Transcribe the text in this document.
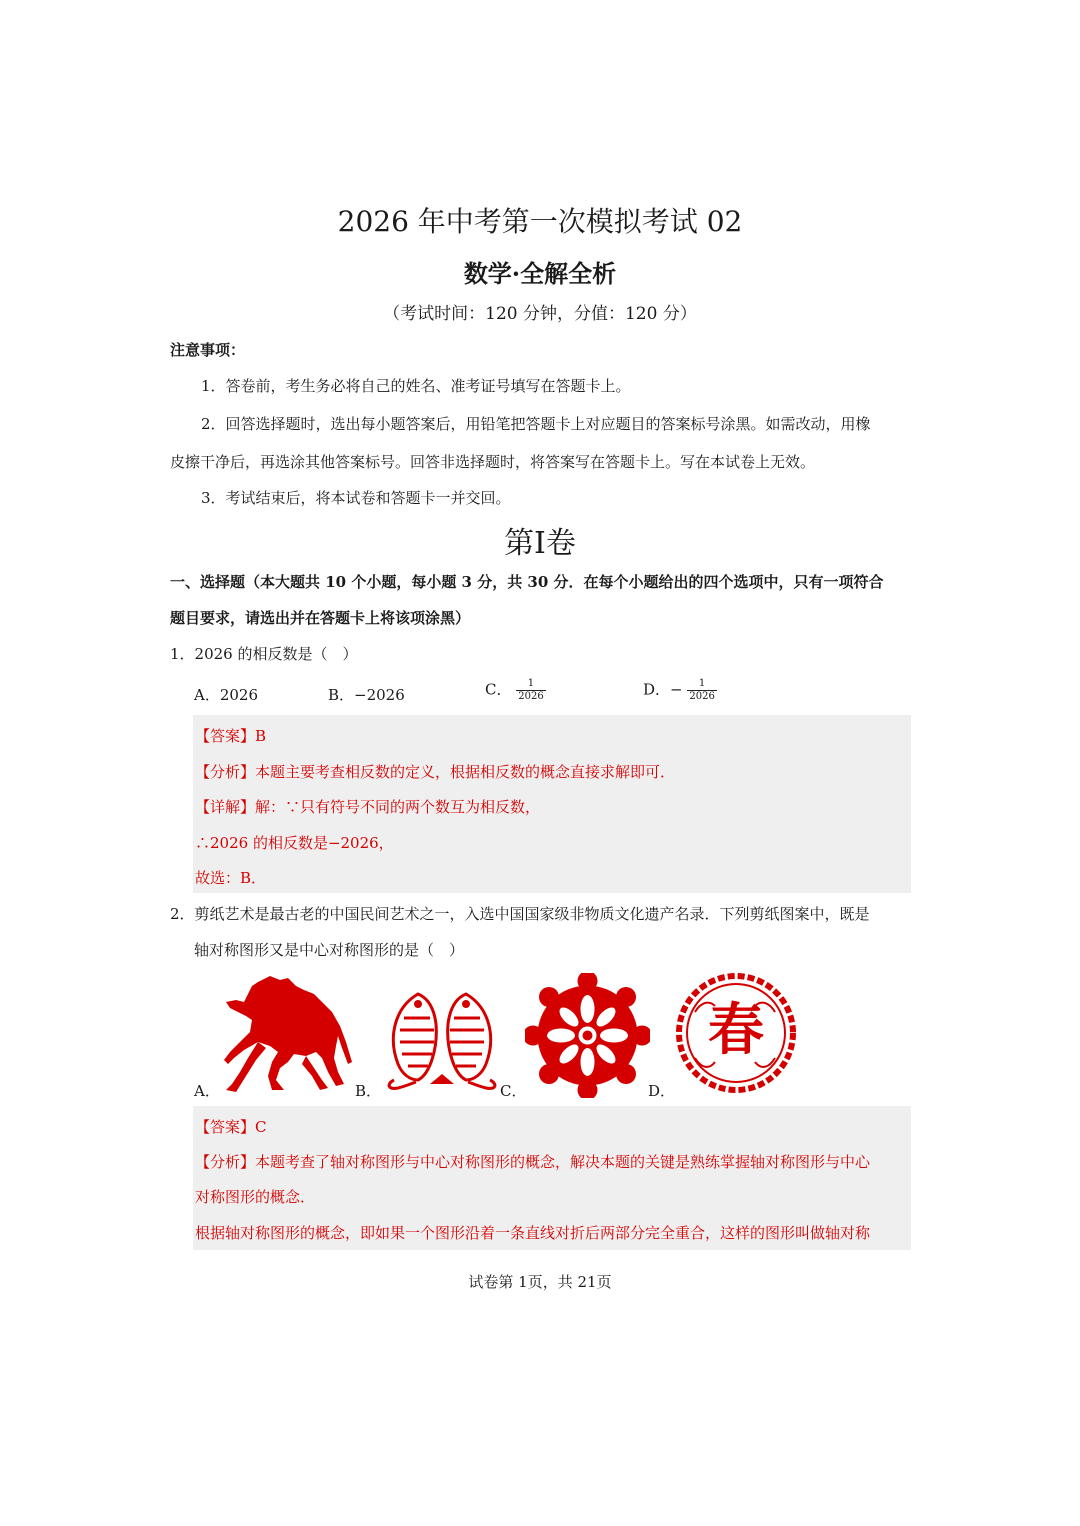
2026 年中考第一次模拟考试 02
数学·全解全析
（考试时间：120 分钟，分值：120 分）
注意事项：
1．答卷前，考生务必将自己的姓名、准考证号填写在答题卡上。
2．回答选择题时，选出每小题答案后，用铅笔把答题卡上对应题目的答案标号涂黑。如需改动，用橡
皮擦干净后，再选涂其他答案标号。回答非选择题时，将答案写在答题卡上。写在本试卷上无效。
3．考试结束后，将本试卷和答题卡一并交回。
第I卷
一、选择题（本大题共 10 个小题，每小题 3 分，共 30 分．在每个小题给出的四个选项中，只有一项符合
题目要求，请选出并在答题卡上将该项涂黑）
1．2026 的相反数是（　）
A．2026	B．−2026	C． $\frac{1}{2026}$	D．− $\frac{1}{2026}$
【答案】B
【分析】本题主要考查相反数的定义，根据相反数的概念直接求解即可．
【详解】解：∵只有符号不同的两个数互为相反数，
∴2026 的相反数是−2026，
故选：B．
2．剪纸艺术是最古老的中国民间艺术之一，入选中国国家级非物质文化遗产名录．下列剪纸图案中，既是
轴对称图形又是中心对称图形的是（　）
春
A．	B．	C．	D．
【答案】C
【分析】本题考查了轴对称图形与中心对称图形的概念，解决本题的关键是熟练掌握轴对称图形与中心
对称图形的概念．
根据轴对称图形的概念，即如果一个图形沿着一条直线对折后两部分完全重合，这样的图形叫做轴对称
试卷第 1页，共 21页
